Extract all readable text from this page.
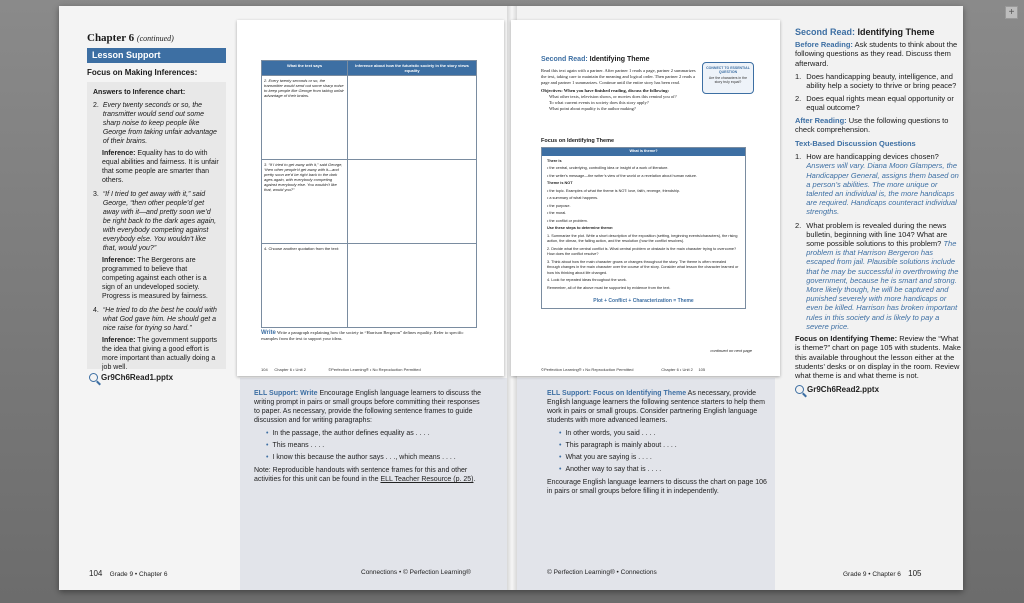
+
Chapter 6 (continued)
Lesson Support
Focus on Making Inferences:
Answers to Inference chart:
2. Every twenty seconds or so, the transmitter would send out some sharp noise to keep people like George from taking unfair advantage of their brains.

Inference: Equality has to do with equal abilities and fairness. It is unfair that some people are smarter than others.

3. “If I tried to get away with it,” said George, “then other people’d get away with it—and pretty soon we’d be right back to the dark ages again, with everybody competing against everybody else. You wouldn’t like that, would you?”

Inference: The Bergerons are programmed to believe that competing against each other is a sign of an undeveloped society. Progress is measured by fairness.

4. “He tried to do the best he could with what God gave him. He should get a nice raise for trying so hard.”

Inference: The government supports the idea that giving a good effort is more important than actually doing a job well.

Gr9Ch6Read1.pptx
What the text says	Inference about how the futuristic society in the story views equality
2. Every twenty seconds or so, the transmitter would send out some sharp noise to keep people like George from taking unfair advantage of their brains.
3. “If I tried to get away with it,” said George, “then other people’d get away with it—and pretty soon we’d be right back to the dark ages again, with everybody competing against everybody else. You wouldn’t like that, would you?”
4. Choose another quotation from the text:
Write Write a paragraph explaining how the society in “Harrison Bergeron” defines equality. Refer to specific examples from the text to support your ideas.
104 Chapter 6 • Unit 2	©Perfection Learning® • No Reproduction Permitted
Second Read: Identifying Theme
Read this text again with a partner. After partner 1 reads a page, partner 2 summarizes the text, taking care to maintain the meaning and logical order. Then partner 2 reads a page and partner 1 summarizes. Continue until the entire story has been read.
Objectives: When you have finished reading, discuss the following:
What other texts, television shows, or movies does this remind you of?
To what current events in society does this story apply?
What point about equality is the author making?
CONNECT TO ESSENTIAL QUESTION
Are the characters in the story truly equal?
Focus on Identifying Theme
What is theme?

There is

• the central, underlying, controlling idea or insight of a work of literature.

• the writer’s message—the writer’s view of the world or a revelation about human nature.

Theme is NOT

• the topic. Examples of what the theme is NOT: love, faith, revenge, friendship.

• a summary of what happens.

• the purpose.

• the moral.

• the conflict or problem.

Use these steps to determine theme:

1. Summarize the plot. Write a short description of the exposition (setting, beginning events/characters), the rising action, the climax, the falling action, and the resolution (how the conflict resolves).

2. Decide what the central conflict is. What central problem or obstacle is the main character trying to overcome? How does the conflict resolve?

3. Think about how the main character grows or changes throughout the story. The theme is often revealed through changes in the main character over the course of the story. Consider what lesson the character learned or how his thinking about life changed.

4. Look for repeated ideas throughout the work.

Remember, all of the above must be supported by evidence from the text.

Plot + Conflict + Characterization = Theme
continued on next page
©Perfection Learning® • No Reproduction Permitted	Chapter 6 • Unit 2 105
ELL Support: Write Encourage English language learners to discuss the writing prompt in pairs or small groups before committing their responses to paper. As necessary, provide the following sentence frames to guide discussion and for writing paragraphs:
• In the passage, the author defines equality as . . . .
• This means . . . .
• I know this because the author says . . ., which means . . . .
Note: Reproducible handouts with sentence frames for this and other activities for this unit can be found in the ELL Teacher Resource (p. 25).
ELL Support: Focus on Identifying Theme As necessary, provide English language learners the following sentence starters to help them work in pairs or small groups. Consider partnering English language students with more advanced learners.
• In other words, you said . . . .
• This paragraph is mainly about . . . .
• What you are saying is . . . .
• Another way to say that is . . . .
Encourage English language learners to discuss the chart on page 106 in pairs or small groups before filling it in independently.
Second Read: Identifying Theme

Before Reading: Ask students to think about the following questions as they read. Discuss them afterward.

1. Does handicapping beauty, intelligence, and ability help a society to thrive or bring peace?
2. Does equal rights mean equal opportunity or equal outcome?

After Reading: Use the following questions to check comprehension.

Text-Based Discussion Questions
1. How are handicapping devices chosen? Answers will vary. Diana Moon Glampers, the Handicapper General, assigns them based on a person’s abilities. The more unique or talented an individual is, the more handicaps are required. Handicaps counteract individual strengths.
2. What problem is revealed during the news bulletin, beginning with line 104? What are some possible solutions to this problem? The problem is that Harrison Bergeron has escaped from jail. Plausible solutions include that he may be successful in overthrowing the government, because he is smart and strong. More likely though, he will be captured and punished severely with more handicaps or even be killed. Harrison has broken important rules in this society and is likely to pay a severe price.

Focus on Identifying Theme: Review the “What is theme?” chart on page 105 with students. Make this available throughout the lesson either at the students’ desks or on display in the room. Review what theme is and what theme is not.

Gr9Ch6Read2.pptx
104 Grade 9 • Chapter 6	Connections • © Perfection Learning®	© Perfection Learning® • Connections	Grade 9 • Chapter 6 105
